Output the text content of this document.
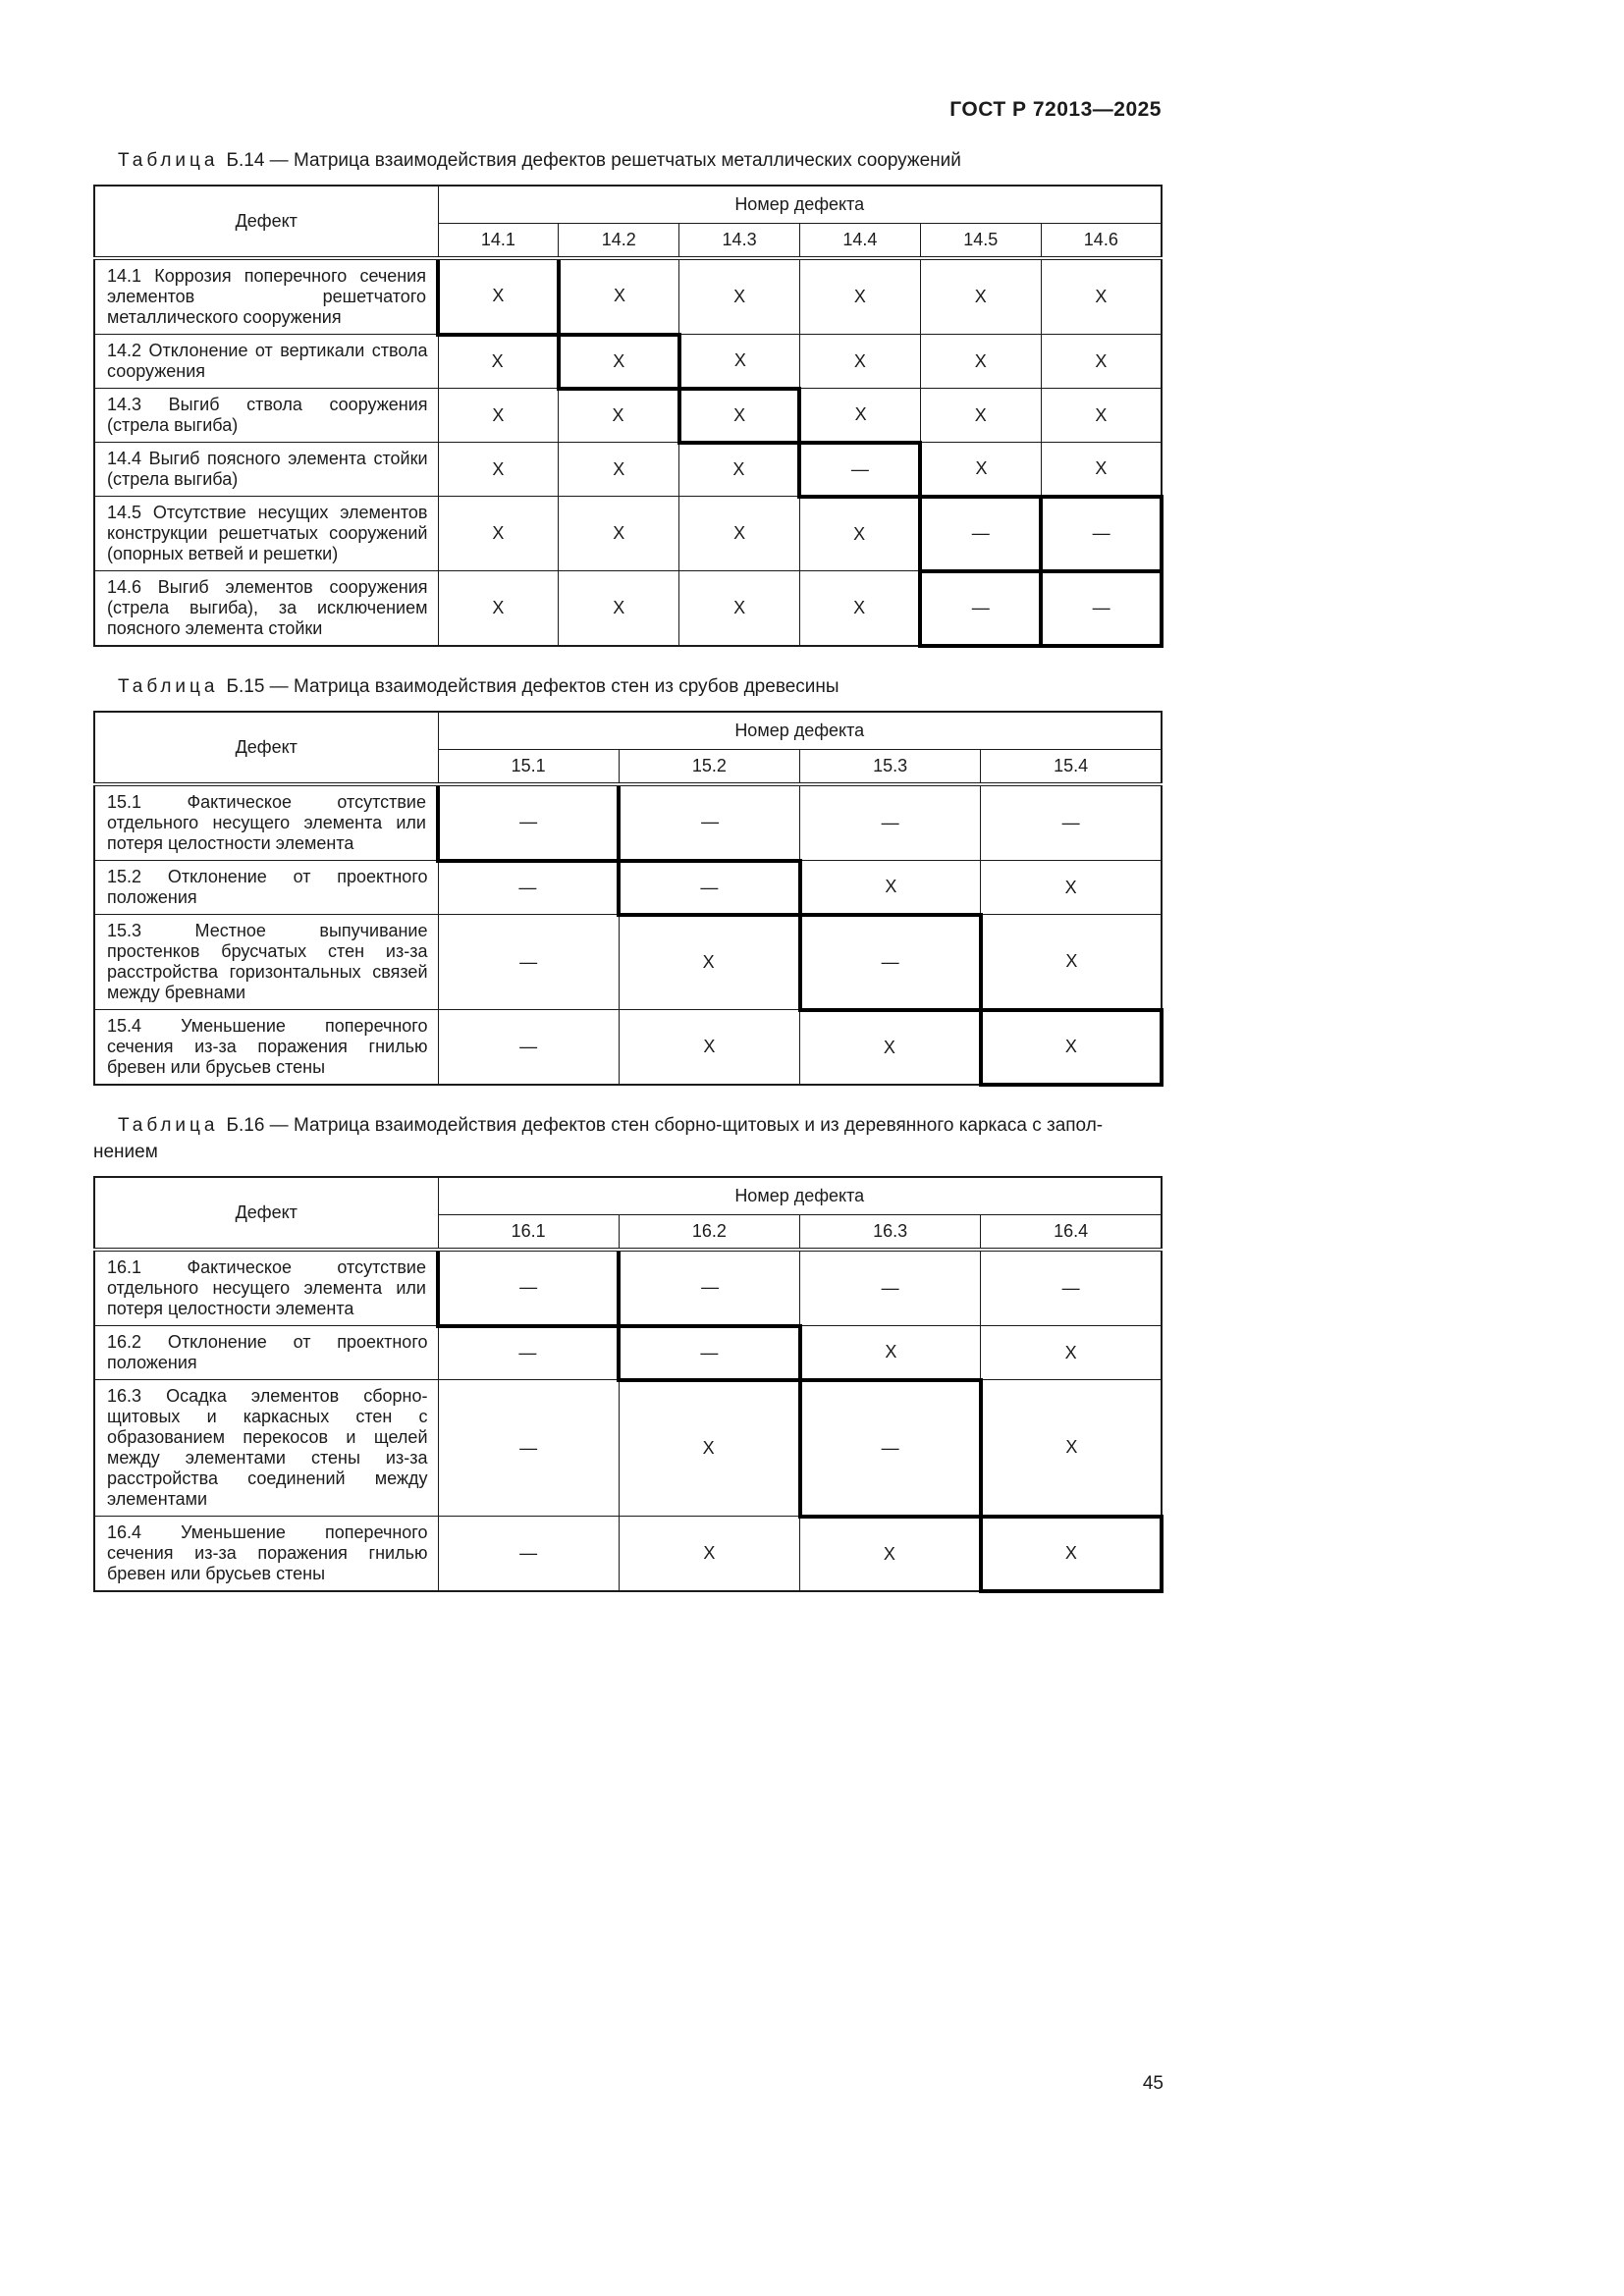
ГОСТ Р 72013—2025
Таблица Б.14 — Матрица взаимодействия дефектов решетчатых металлических сооружений
Дефект	Номер дефекта					
	14.1	14.2	14.3	14.4	14.5	14.6
14.1 Коррозия поперечного сечения элементов решетчатого металлического сооружения	Х	Х	Х	Х	Х	Х
14.2 Отклонение от вертикали ствола сооружения	Х	Х	Х	Х	Х	Х
14.3 Выгиб ствола сооружения (стрела выгиба)	Х	Х	Х	Х	Х	Х
14.4 Выгиб поясного элемента стойки (стрела выгиба)	Х	Х	Х	—	Х	Х
14.5 Отсутствие несущих элементов конструкции решетчатых сооружений (опорных ветвей и решетки)	Х	Х	Х	Х	—	—
14.6 Выгиб элементов сооружения (стрела выгиба), за исключением поясного элемента стойки	Х	Х	Х	Х	—	—
Таблица Б.15 — Матрица взаимодействия дефектов стен из срубов древесины
Дефект	Номер дефекта			
	15.1	15.2	15.3	15.4
15.1 Фактическое отсутствие отдельного несущего элемента или потеря целостности элемента	—	—	—	—
15.2 Отклонение от проектного положения	—	—	Х	Х
15.3 Местное выпучивание простенков брусчатых стен из-за расстройства горизонтальных связей между бревнами	—	Х	—	Х
15.4 Уменьшение поперечного сечения из-за поражения гнилью бревен или брусьев стены	—	Х	Х	Х
Таблица Б.16 — Матрица взаимодействия дефектов стен сборно-щитовых и из деревянного каркаса с запол-
нением
Дефект	Номер дефекта			
	16.1	16.2	16.3	16.4
16.1 Фактическое отсутствие отдельного несущего элемента или потеря целостности элемента	—	—	—	—
16.2 Отклонение от проектного положения	—	—	Х	Х
16.3 Осадка элементов сборно-щитовых и каркасных стен с образованием перекосов и щелей между элементами стены из-за расстройства соединений между элементами	—	Х	—	Х
16.4 Уменьшение поперечного сечения из-за поражения гнилью бревен или брусьев стены	—	Х	Х	Х
45
